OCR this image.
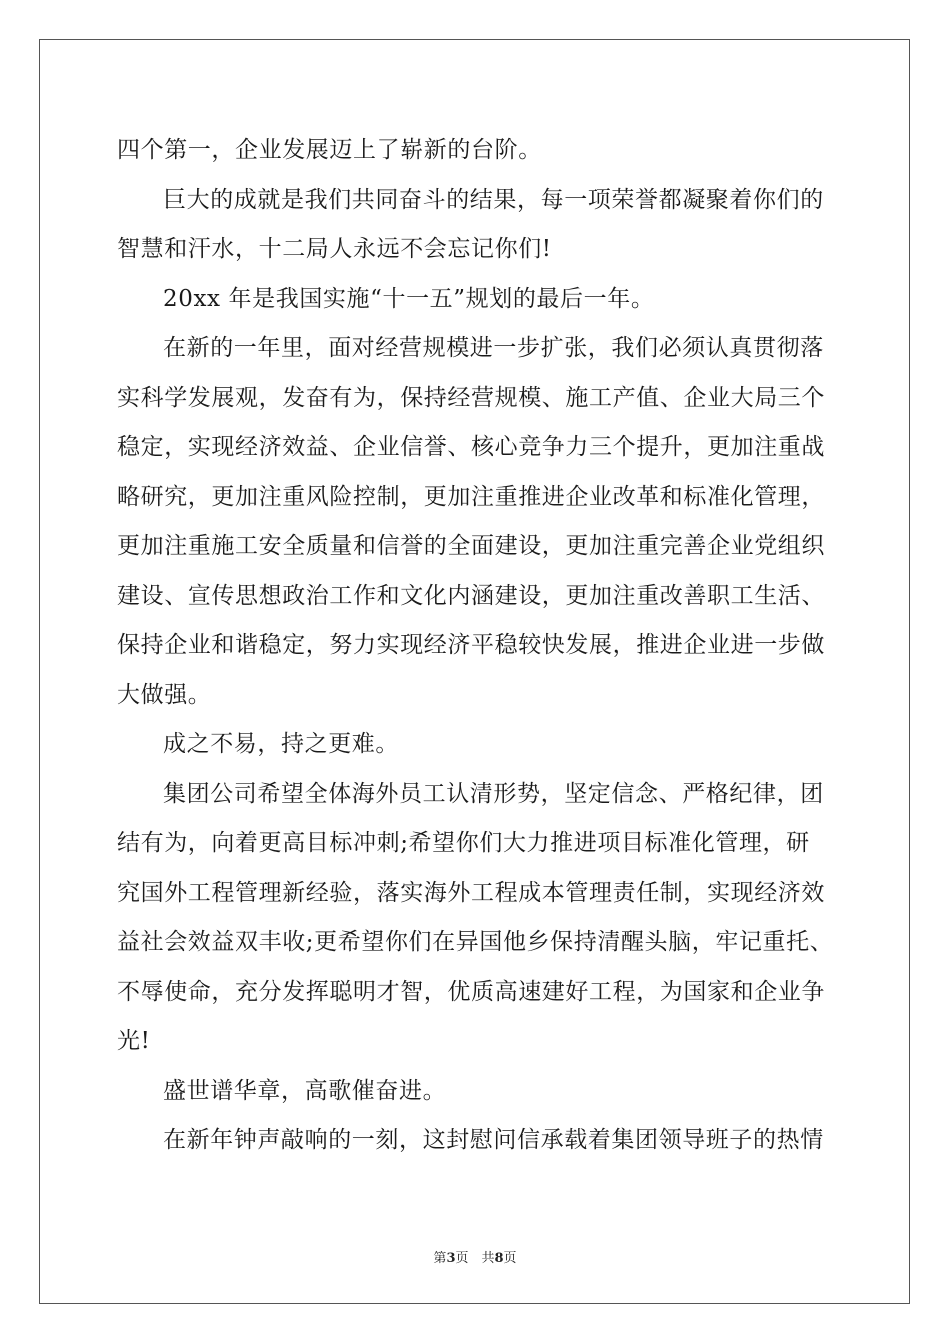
四个第一，企业发展迈上了崭新的台阶。
巨大的成就是我们共同奋斗的结果，每一项荣誉都凝聚着你们的
智慧和汗水，十二局人永远不会忘记你们!
20xx 年是我国实施“十一五”规划的最后一年。
在新的一年里，面对经营规模进一步扩张，我们必须认真贯彻落
实科学发展观，发奋有为，保持经营规模、施工产值、企业大局三个
稳定，实现经济效益、企业信誉、核心竞争力三个提升，更加注重战
略研究，更加注重风险控制，更加注重推进企业改革和标准化管理，
更加注重施工安全质量和信誉的全面建设，更加注重完善企业党组织
建设、宣传思想政治工作和文化内涵建设，更加注重改善职工生活、
保持企业和谐稳定，努力实现经济平稳较快发展，推进企业进一步做
大做强。
成之不易，持之更难。
集团公司希望全体海外员工认清形势，坚定信念、严格纪律，团
结有为，向着更高目标冲刺;希望你们大力推进项目标准化管理，研
究国外工程管理新经验，落实海外工程成本管理责任制，实现经济效
益社会效益双丰收;更希望你们在异国他乡保持清醒头脑，牢记重托、
不辱使命，充分发挥聪明才智，优质高速建好工程，为国家和企业争
光!
盛世谱华章，高歌催奋进。
在新年钟声敲响的一刻，这封慰问信承载着集团领导班子的热情
第3页　共8页
